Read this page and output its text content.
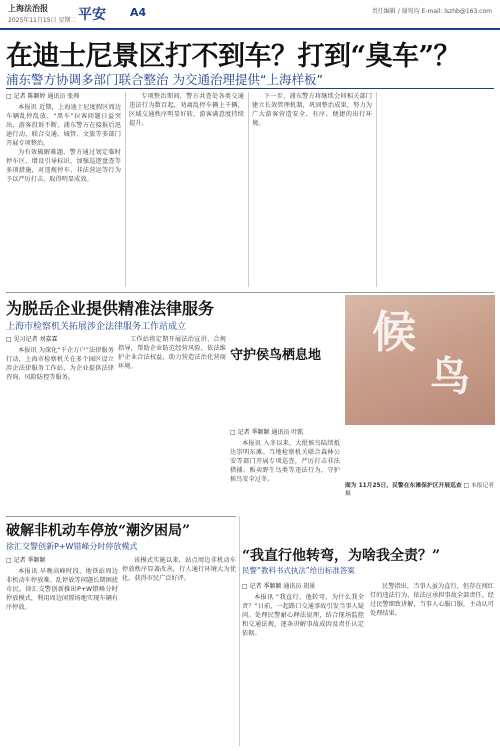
上海法治报
2025年11月15日 星期二 平安 A4	责任编辑 / 谢宛均 E-mail: lszhb@163.com
在迪士尼景区打不到车？打到“臭车”？
浦东警方协调多部门联合整治 为交通治理提供“上海样板”
□ 记者 陈颖婷 通讯员 张帅

本报讯 近期，上海迪士尼度假区周边车辆乱停乱放、“黑车”拉客问题日益突出，游客投诉不断。浦东警方在接报后迅速行动，联合交通、城管、文旅等多部门开展专项整治。

为有效破解难题，警方通过划定临时停车区、增设引导标识、加强巡逻盘查等多项措施，对违规停车、非法营运等行为予以严厉打击，取得明显成效。

专项整治期间，警方共查处各类交通违法行为数百起，劝离乱停车辆上千辆，区域交通秩序明显好转，游客满意度持续提升。

下一步，浦东警方将继续会同相关部门建立长效管理机制，巩固整治成果，努力为广大游客营造安全、有序、便捷的出行环境。

为脱岳企业提供精准法律服务
上海市检察机关拓展涉企法律服务工作站成立
□ 见习记者 刘嘉霖

本报讯 为深化“千企万户”法律服务行动，上海市检察机关在多个园区设立涉企法律服务工作站，为企业提供法律咨询、风险防控等服务。

工作站将定期开展法治宣讲、合规指导，帮助企业防范经营风险，依法维护企业合法权益，助力营造法治化营商环境。

候
鸟
守护侯鸟栖息地
□ 记者 季颖颖 通讯员 叶凯

本报讯 入冬以来，大批候鸟陆续抵达崇明东滩。当地检察机关联合森林公安等部门开展专项巡查，严厉打击非法猎捕、贩卖野生鸟类等违法行为，守护候鸟安全过冬。

图为 11月25日，民警在东滩保护区开展巡查 □ 本报记者 摄
破解非机动车停放“潮汐困局”
徐汇交警创新P+W错峰分时停放模式
□ 记者 季颖颖

本报讯 早晚高峰时段，地铁站周边非机动车停放难、乱停放等问题长期困扰市民。徐汇交警创新推出P+W错峰分时停放模式，利用周边闲置场地实现车辆有序停放。

该模式实施以来，站点周边非机动车停放秩序显著改善，行人通行环境大为优化，获得市民广泛好评。

“我直行他转弯，为啥我全责？”
民警“教科书式执法”给出标准答案
□ 记者 季颖颖 通讯员 胡景

本报讯 “我直行，他转弯，为什么我全责？”日前，一起路口交通事故引发当事人疑问。处理民警耐心释法说理，结合现场监控和交通法规，逐条讲解事故成因及责任认定依据。

民警指出，当事人虽为直行，但存在闯红灯的违法行为，依法应承担事故全部责任。经过民警细致讲解，当事人心服口服，主动认可处理结果。
